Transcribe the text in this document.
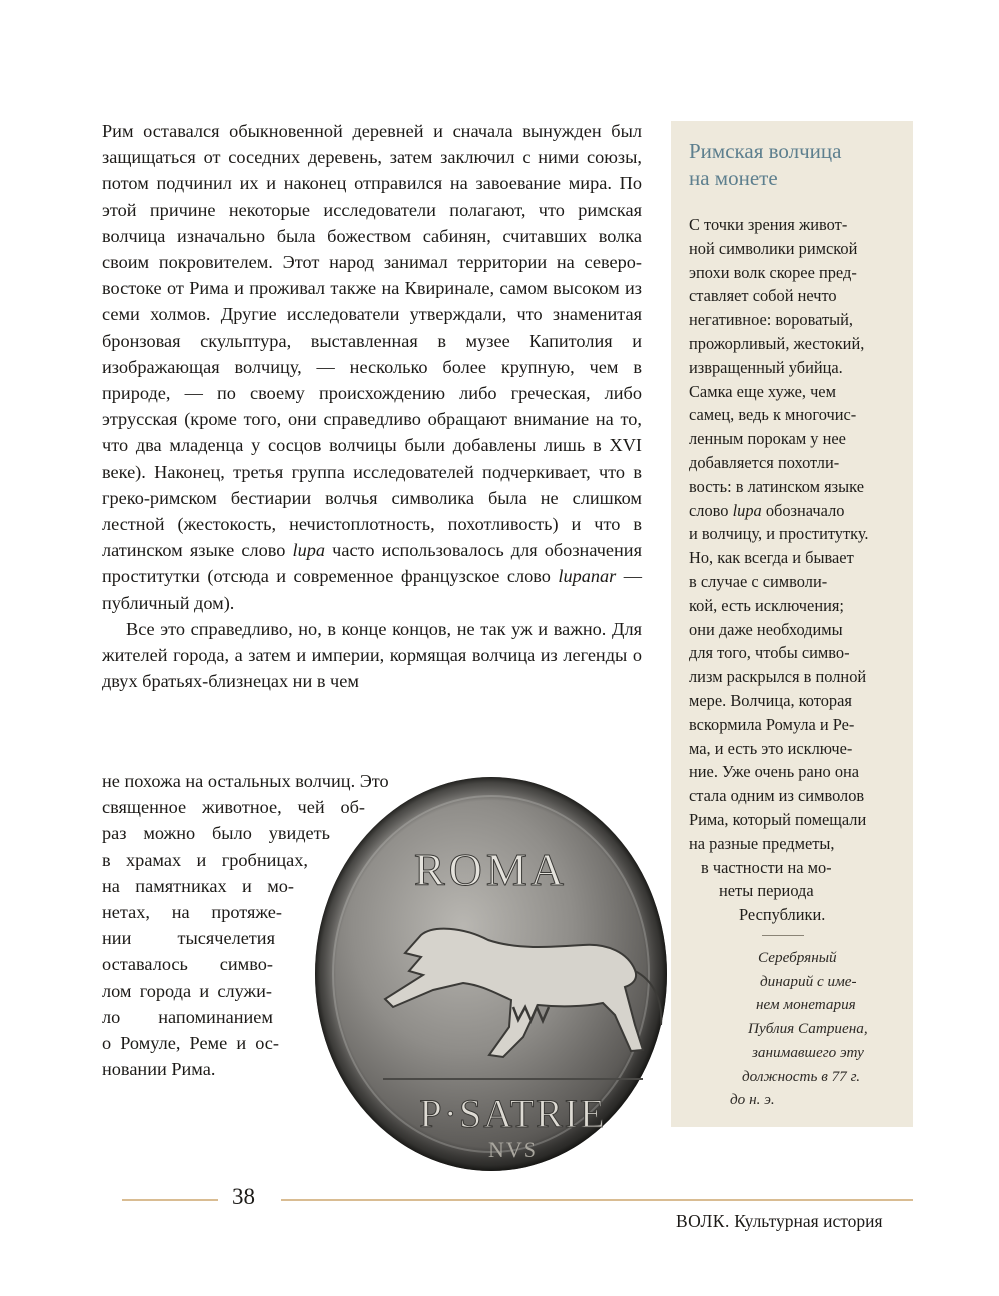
Рим оставался обыкновенной деревней и сначала вынужден был защищаться от соседних деревень, затем заключил с ними союзы, потом подчинил их и наконец отправился на завоевание мира. По этой причине некоторые исследователи полагают, что римская волчица изначально была божеством сабинян, считавших волка своим покровителем. Этот народ занимал территории на северо-востоке от Рима и проживал также на Квиринале, самом высоком из семи холмов. Другие исследователи утверждали, что знаменитая бронзовая скульптура, выставленная в музее Капитолия и изображающая волчицу, — несколько более крупную, чем в природе, — по своему происхождению либо греческая, либо этрусская (кроме того, они справедливо обращают внимание на то, что два младенца у сосцов волчицы были добавлены лишь в XVI веке). Наконец, третья группа исследователей подчеркивает, что в греко-римском бестиарии волчья символика была не слишком лестной (жестокость, нечистоплотность, похотливость) и что в латинском языке слово lupa часто использовалось для обозначения проститутки (отсюда и современное французское слово lupanar — публичный дом).

Все это справедливо, но, в конце концов, не так уж и важно. Для жителей города, а затем и империи, кормящая волчица из легенды о двух братьях-близнецах ни в чем

не похожа на остальных волчиц. Это
священное животное, чей об-
раз можно было увидеть
в храмах и гробницах,
на памятниках и мо-
нетах, на протяже-
нии тысячелетия
оставалось симво-
лом города и служи-
ло напоминанием
о Ромуле, Реме и ос-
новании Рима.
Римская волчица
на монете
С точки зрения живот-
ной символики римской
эпохи волк скорее пред-
ставляет собой нечто
негативное: вороватый,
прожорливый, жестокий,
извращенный убийца.
Самка еще хуже, чем
самец, ведь к многочис-
ленным порокам у нее
добавляется похотли-
вость: в латинском языке
слово lupa обозначало
и волчицу, и проститутку.
Но, как всегда и бывает
в случае с символи-
кой, есть исключения;
они даже необходимы
для того, чтобы симво-
лизм раскрылся в полной
мере. Волчица, которая
вскормила Ромула и Ре-
ма, и есть это исключе-
ние. Уже очень рано она
стала одним из символов
Рима, который помещали
на разные предметы,
в частности на мо-
неты периода
Республики.
Серебряный
динарий с име-
нем монетария
Публия Сатриена,
занимавшего эту
должность в 77 г.
до н. э.
ROMA
P·SATRIE
NVS
38
ВОЛК. Культурная история
